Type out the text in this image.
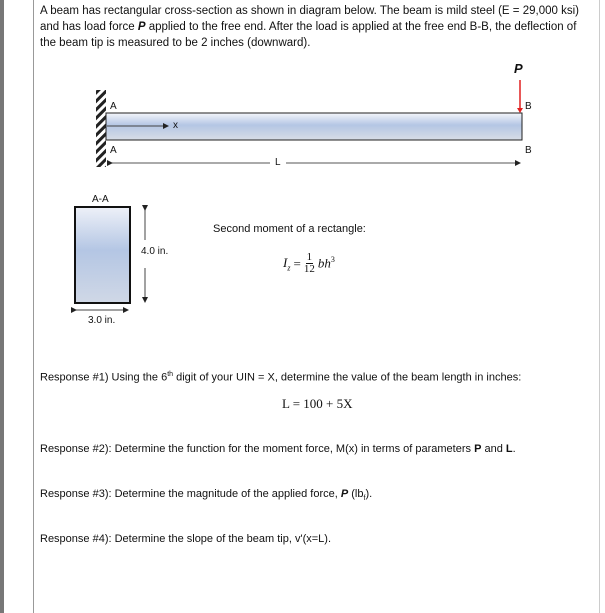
A beam has rectangular cross-section as shown in diagram below. The beam is mild steel (E = 29,000 ksi) and has load force P applied to the free end. After the load is applied at the free end B-B, the deflection of the beam tip is measured to be 2 inches (downward).
P
A
A
B
B
x
L
A-A
4.0 in.
3.0 in.
Second moment of a rectangle:
$I_z = \frac{1}{12} bh^3$
Response #1) Using the 6th digit of your UIN = X, determine the value of the beam length in inches:
L = 100 + 5X
Response #2): Determine the function for the moment force, M(x) in terms of parameters P and L.
Response #3): Determine the magnitude of the applied force, P $(lb_f)$.
Response #4): Determine the slope of the beam tip, v'(x=L).
